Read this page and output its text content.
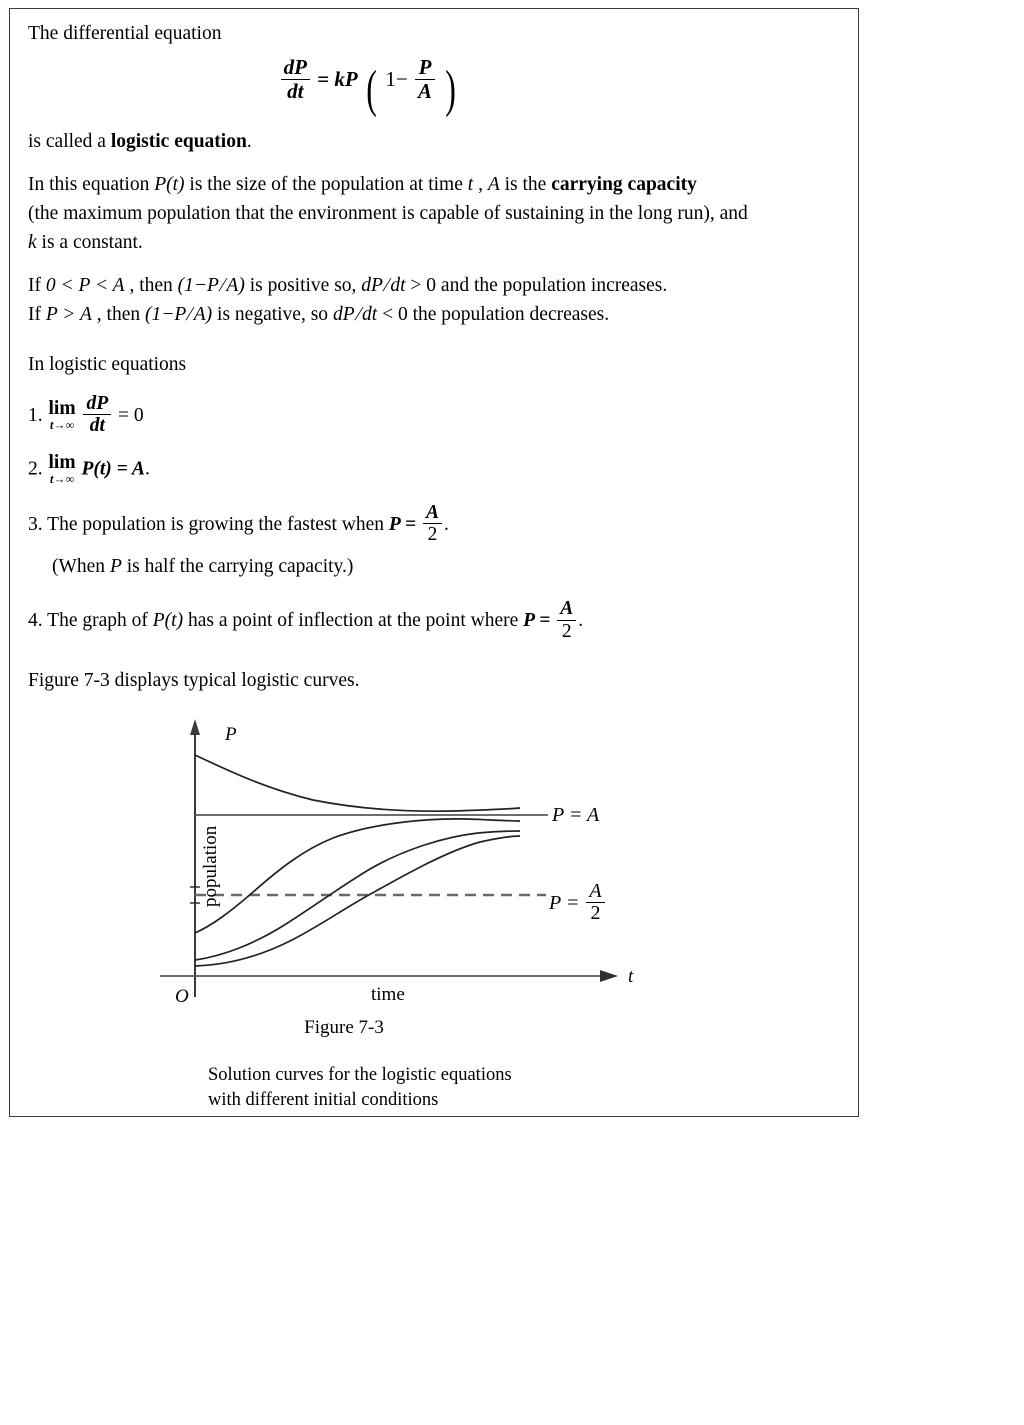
The differential equation

$\frac{dP}{dt}$ = kP ( $1- \frac{P}{A}$ )

is called a logistic equation.

In this equation P(t) is the size of the population at time t , A is the carrying capacity
(the maximum population that the environment is capable of sustaining in the long run), and
k is a constant.

If 0 < P < A , then (1−P/A) is positive so, dP/dt > 0 and the population increases.

If P > A , then (1−P/A) is negative, so dP/dt < 0 the population decreases.

In logistic equations

1. lim
t→∞
$\frac{dP}{dt} = 0$
2. lim
t→∞ P(t) = A.
3. The population is growing the fastest when $P = \frac{A}{2}$ .
(When P is half the carrying capacity.)
4. The graph of P(t) has a point of inflection at the point where $P = \frac{A}{2}$ .

Figure 7-3 displays typical logistic curves.

P
t
O
population
time
P = A
$P = \frac{A}{2}$
Figure 7-3
Solution curves for the logistic equations
with different initial conditions
